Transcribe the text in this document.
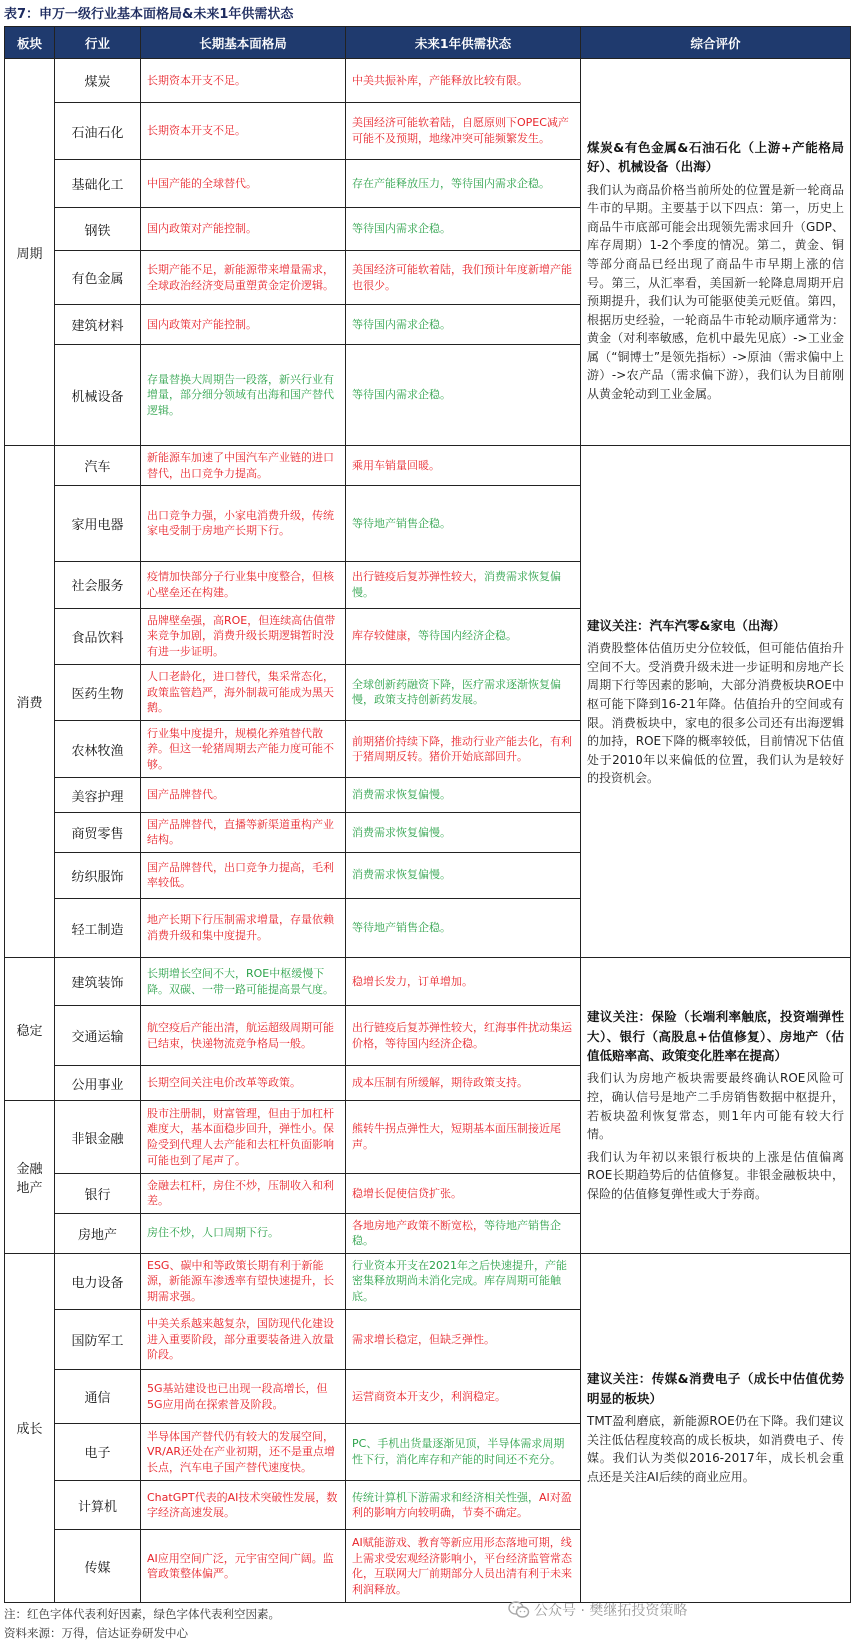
表7：申万一级行业基本面格局&未来1年供需状态
板块	行业	长期基本面格局	未来1年供需状态	综合评价
周期	煤炭	长期资本开支不足。	中美共振补库，产能释放比较有限。	煤炭&有色金属&石油石化（上游+产能格局好）、机械设备（出海）
我们认为商品价格当前所处的位置是新一轮商品牛市的早期。主要基于以下四点：第一，历史上商品牛市底部可能会出现领先需求回升（GDP、库存周期）1-2个季度的情况。第二，黄金、铜等部分商品已经出现了商品牛市早期上涨的信号。第三，从汇率看，美国新一轮降息周期开启预期提升，我们认为可能驱使美元贬值。第四，根据历史经验，一轮商品牛市轮动顺序通常为：黄金（对利率敏感，危机中最先见底）->工业金属（“铜博士”是领先指标）->原油（需求偏中上游）->农产品（需求偏下游），我们认为目前刚从黄金轮动到工业金属。

	石油石化	长期资本开支不足。	美国经济可能软着陆，自愿原则下OPEC减产可能不及预期，地缘冲突可能频繁发生。	
	基础化工	中国产能的全球替代。	存在产能释放压力，等待国内需求企稳。	
	钢铁	国内政策对产能控制。	等待国内需求企稳。	
	有色金属	长期产能不足，新能源带来增量需求，全球政治经济变局重塑黄金定价逻辑。	美国经济可能软着陆，我们预计年度新增产能也很少。	
	建筑材料	国内政策对产能控制。	等待国内需求企稳。	
	机械设备	存量替换大周期告一段落，新兴行业有增量，部分细分领域有出海和国产替代逻辑。	等待国内需求企稳。	
消费	汽车	新能源车加速了中国汽车产业链的进口替代，出口竞争力提高。	乘用车销量回暖。	建议关注：汽车汽零&家电（出海）
消费股整体估值历史分位较低，但可能估值抬升空间不大。受消费升级未进一步证明和房地产长周期下行等因素的影响，大部分消费板块ROE中枢可能下降到16-21年降。估值抬升的空间或有限。消费板块中，家电的很多公司还有出海逻辑的加持，ROE下降的概率较低，目前情况下估值处于2010年以来偏低的位置，我们认为是较好的投资机会。

	家用电器	出口竞争力强，小家电消费升级，传统家电受制于房地产长期下行。	等待地产销售企稳。	
	社会服务	疫情加快部分子行业集中度整合，但核心壁垒还在构建。	出行链疫后复苏弹性较大，消费需求恢复偏慢。	
	食品饮料	品牌壁垒强，高ROE，但连续高估值带来竞争加剧，消费升级长期逻辑暂时没有进一步证明。	库存较健康，等待国内经济企稳。	
	医药生物	人口老龄化，进口替代，集采常态化，政策监管趋严，海外制裁可能成为黑天鹅。	全球创新药融资下降，医疗需求逐渐恢复偏慢，政策支持创新药发展。	
	农林牧渔	行业集中度提升，规模化养殖替代散养。但这一轮猪周期去产能力度可能不够。	前期猪价持续下降，推动行业产能去化，有利于猪周期反转。猪价开始底部回升。	
	美容护理	国产品牌替代。	消费需求恢复偏慢。	
	商贸零售	国产品牌替代，直播等新渠道重构产业结构。	消费需求恢复偏慢。	
	纺织服饰	国产品牌替代，出口竞争力提高，毛利率较低。	消费需求恢复偏慢。	
	轻工制造	地产长期下行压制需求增量，存量依赖消费升级和集中度提升。	等待地产销售企稳。	
稳定	建筑装饰	长期增长空间不大，ROE中枢缓慢下降。双碳、一带一路可能提高景气度。	稳增长发力，订单增加。	建议关注：保险（长端利率触底，投资端弹性大）、银行（高股息+估值修复）、房地产（估值低赔率高、政策变化胜率在提高）
我们认为房地产板块需要最终确认ROE风险可控，确认信号是地产二手房销售数据中枢提升，若板块盈利恢复常态，则1年内可能有较大行情。
我们认为年初以来银行板块的上涨是估值偏离ROE长期趋势后的估值修复。非银金融板块中，保险的估值修复弹性或大于券商。

	交通运输	航空疫后产能出清，航运超级周期可能已结束，快递物流竞争格局一般。	出行链疫后复苏弹性较大，红海事件扰动集运价格，等待国内经济企稳。	
	公用事业	长期空间关注电价改革等政策。	成本压制有所缓解，期待政策支持。	
金融地产	非银金融	股市注册制，财富管理，但由于加杠杆难度大，基本面稳步回升，弹性小。保险受到代理人去产能和去杠杆负面影响可能也到了尾声了。	熊转牛拐点弹性大，短期基本面压制接近尾声。	
	银行	金融去杠杆，房住不炒，压制收入和利差。	稳增长促使信贷扩张。	
	房地产	房住不炒，人口周期下行。	各地房地产政策不断宽松，等待地产销售企稳。	
成长	电力设备	ESG、碳中和等政策长期有利于新能源，新能源车渗透率有望快速提升，长期需求强。	行业资本开支在2021年之后快速提升，产能密集释放期尚未消化完成。库存周期可能触底。	建议关注：传媒&消费电子（成长中估值优势明显的板块）
TMT盈利磨底，新能源ROE仍在下降。我们建议关注低估程度较高的成长板块，如消费电子、传媒。我们认为类似2016-2017年，成长机会重点还是关注AI后续的商业应用。

	国防军工	中美关系越来越复杂，国防现代化建设进入重要阶段，部分重要装备进入放量阶段。	需求增长稳定，但缺乏弹性。	
	通信	5G基站建设也已出现一段高增长，但5G应用尚在探索普及阶段。	运营商资本开支少，利润稳定。	
	电子	半导体国产替代仍有较大的发展空间，VR/AR还处在产业初期，还不是重点增长点，汽车电子国产替代速度快。	PC、手机出货量逐渐见顶，半导体需求周期性下行，消化库存和产能的时间还不充分。	
	计算机	ChatGPT代表的AI技术突破性发展，数字经济高速发展。	传统计算机下游需求和经济相关性强，AI对盈利的影响方向较明确，节奏不确定。	
	传媒	AI应用空间广泛，元宇宙空间广阔。监管政策整体偏严。	AI赋能游戏、教育等新应用形态落地可期，线上需求受宏观经济影响小，平台经济监管常态化，互联网大厂前期部分人员出清有利于未来利润释放。	
注：红色字体代表利好因素，绿色字体代表利空因素。
资料来源：万得，信达证券研发中心
公众号 · 樊继拓投资策略
